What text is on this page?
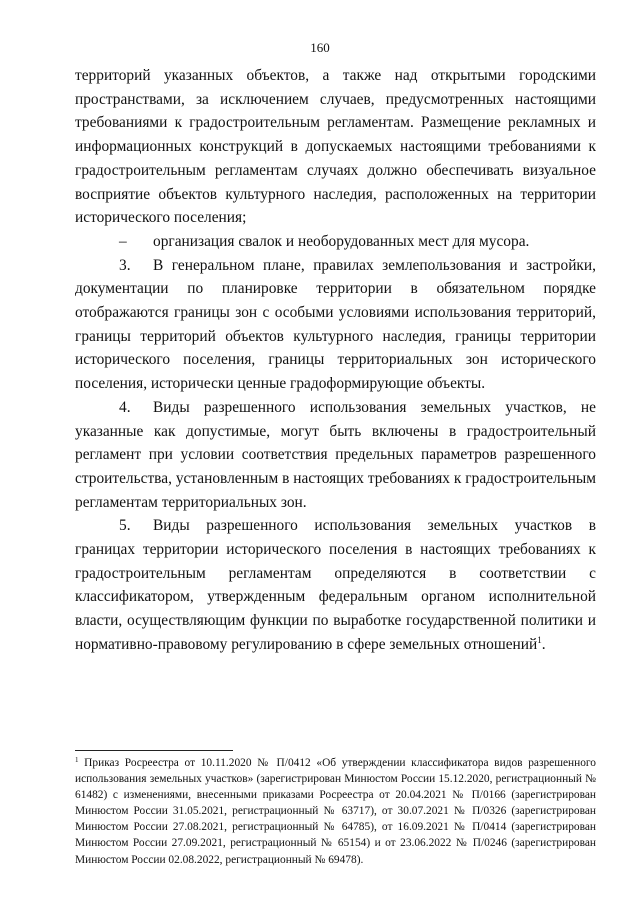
160

территорий указанных объектов, а также над открытыми городскими пространствами, за исключением случаев, предусмотренных настоящими требованиями к градостроительным регламентам. Размещение рекламных и информационных конструкций в допускаемых настоящими требованиями к градостроительным регламентам случаях должно обеспечивать визуальное восприятие объектов культурного наследия, расположенных на территории исторического поселения;

– организация свалок и необорудованных мест для мусора.

3. В генеральном плане, правилах землепользования и застройки, документации по планировке территории в обязательном порядке отображаются границы зон с особыми условиями использования территорий, границы территорий объектов культурного наследия, границы территории исторического поселения, границы территориальных зон исторического поселения, исторически ценные градоформирующие объекты.

4. Виды разрешенного использования земельных участков, не указанные как допустимые, могут быть включены в градостроительный регламент при условии соответствия предельных параметров разрешенного строительства, установленным в настоящих требованиях к градостроительным регламентам территориальных зон.

5. Виды разрешенного использования земельных участков в границах территории исторического поселения в настоящих требованиях к градостроительным регламентам определяются в соответствии с классификатором, утвержденным федеральным органом исполнительной власти, осуществляющим функции по выработке государственной политики и нормативно-правовому регулированию в сфере земельных отношений$^1$.

$^1$ Приказ Росреестра от 10.11.2020 № П/0412 «Об утверждении классификатора видов разрешенного использования земельных участков» (зарегистрирован Минюстом России 15.12.2020, регистрационный № 61482) с изменениями, внесенными приказами Росреестра от 20.04.2021 № П/0166 (зарегистрирован Минюстом России 31.05.2021, регистрационный № 63717), от 30.07.2021 № П/0326 (зарегистрирован Минюстом России 27.08.2021, регистрационный № 64785), от 16.09.2021 № П/0414 (зарегистрирован Минюстом России 27.09.2021, регистрационный № 65154) и от 23.06.2022 № П/0246 (зарегистрирован Минюстом России 02.08.2022, регистрационный № 69478).
